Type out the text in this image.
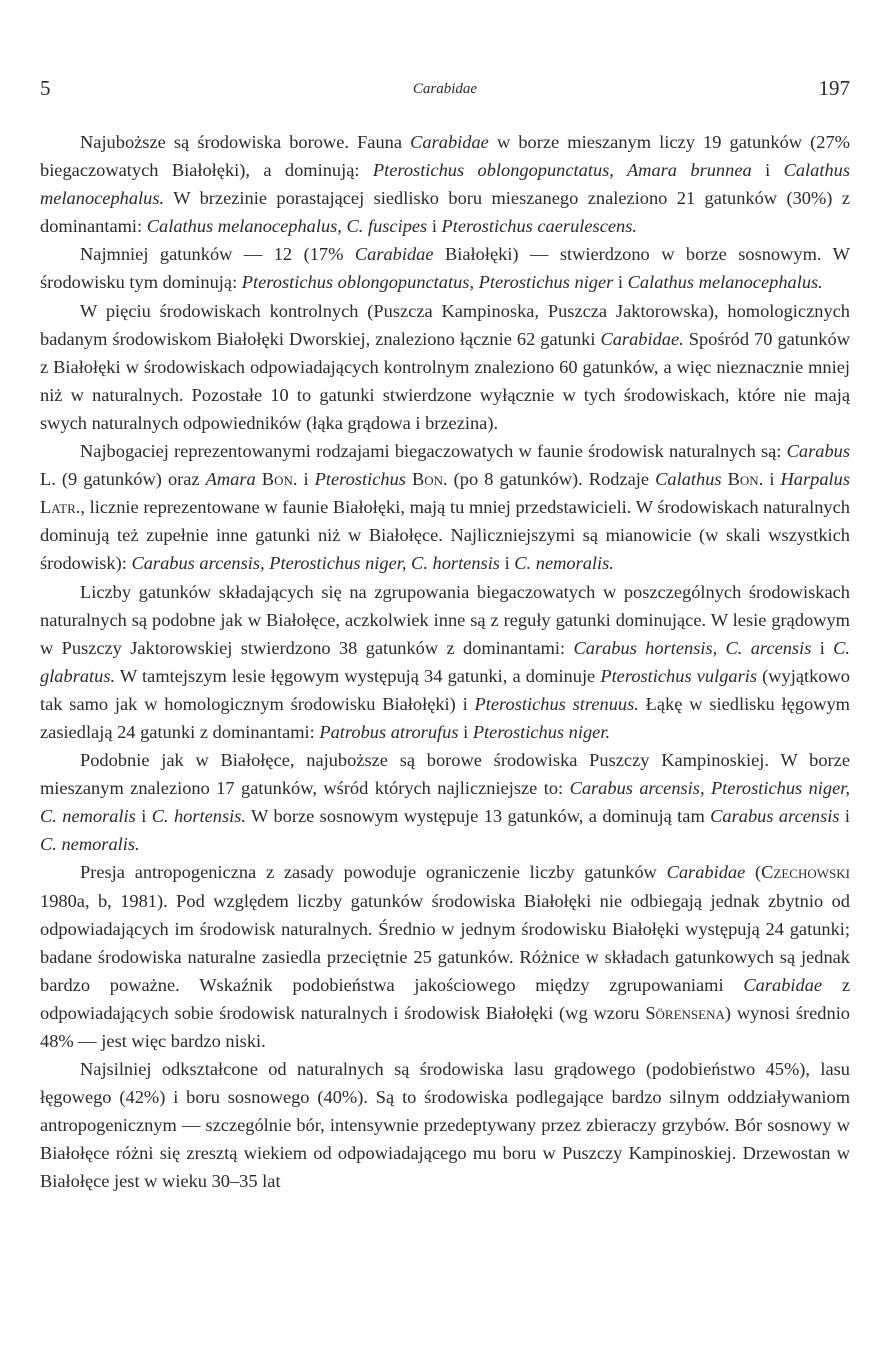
5	Carabidae	197

Najuboższe są środowiska borowe. Fauna Carabidae w borze mieszanym liczy 19 gatunków (27% biegaczowatych Białołęki), a dominują: Pterostichus oblongopunctatus, Amara brunnea i Calathus melanocephalus. W brzezinie porastającej siedlisko boru mieszanego znaleziono 21 gatunków (30%) z dominantami: Calathus melanocephalus, C. fuscipes i Pterostichus caerulescens.

Najmniej gatunków — 12 (17% Carabidae Białołęki) — stwierdzono w borze sosnowym. W środowisku tym dominują: Pterostichus oblongopunctatus, Pterostichus niger i Calathus melanocephalus.

W pięciu środowiskach kontrolnych (Puszcza Kampinoska, Puszcza Jaktorowska), homologicznych badanym środowiskom Białołęki Dworskiej, znaleziono łącznie 62 gatunki Carabidae. Spośród 70 gatunków z Białołęki w środowiskach odpowiadających kontrolnym znaleziono 60 gatunków, a więc nieznacznie mniej niż w naturalnych. Pozostałe 10 to gatunki stwierdzone wyłącznie w tych środowiskach, które nie mają swych naturalnych odpowiedników (łąka grądowa i brzezina).

Najbogaciej reprezentowanymi rodzajami biegaczowatych w faunie środowisk naturalnych są: Carabus L. (9 gatunków) oraz Amara Bon. i Pterostichus Bon. (po 8 gatunków). Rodzaje Calathus Bon. i Harpalus Latr., licznie reprezentowane w faunie Białołęki, mają tu mniej przedstawicieli. W środowiskach naturalnych dominują też zupełnie inne gatunki niż w Białołęce. Najliczniejszymi są mianowicie (w skali wszystkich środowisk): Carabus arcensis, Pterostichus niger, C. hortensis i C. nemoralis.

Liczby gatunków składających się na zgrupowania biegaczowatych w poszczególnych środowiskach naturalnych są podobne jak w Białołęce, aczkolwiek inne są z reguły gatunki dominujące. W lesie grądowym w Puszczy Jaktorowskiej stwierdzono 38 gatunków z dominantami: Carabus hortensis, C. arcensis i C. glabratus. W tamtejszym lesie łęgowym występują 34 gatunki, a dominuje Pterostichus vulgaris (wyjątkowo tak samo jak w homologicznym środowisku Białołęki) i Pterostichus strenuus. Łąkę w siedlisku łęgowym zasiedlają 24 gatunki z dominantami: Patrobus atrorufus i Pterostichus niger.

Podobnie jak w Białołęce, najuboższe są borowe środowiska Puszczy Kampinoskiej. W borze mieszanym znaleziono 17 gatunków, wśród których najliczniejsze to: Carabus arcensis, Pterostichus niger, C. nemoralis i C. hortensis. W borze sosnowym występuje 13 gatunków, a dominują tam Carabus arcensis i C. nemoralis.

Presja antropogeniczna z zasady powoduje ograniczenie liczby gatunków Carabidae (Czechowski 1980a, b, 1981). Pod względem liczby gatunków środowiska Białołęki nie odbiegają jednak zbytnio od odpowiadających im środowisk naturalnych. Średnio w jednym środowisku Białołęki występują 24 gatunki; badane środowiska naturalne zasiedla przeciętnie 25 gatunków. Różnice w składach gatunkowych są jednak bardzo poważne. Wskaźnik podobieństwa jakościowego między zgrupowaniami Carabidae z odpowiadających sobie środowisk naturalnych i środowisk Białołęki (wg wzoru Sörensena) wynosi średnio 48% — jest więc bardzo niski.

Najsilniej odkształcone od naturalnych są środowiska lasu grądowego (podobieństwo 45%), lasu łęgowego (42%) i boru sosnowego (40%). Są to środowiska podlegające bardzo silnym oddziaływaniom antropogenicznym — szczególnie bór, intensywnie przedeptywany przez zbieraczy grzybów. Bór sosnowy w Białołęce różni się zresztą wiekiem od odpowiadającego mu boru w Puszczy Kampinoskiej. Drzewostan w Białołęce jest w wieku 30–35 lat
